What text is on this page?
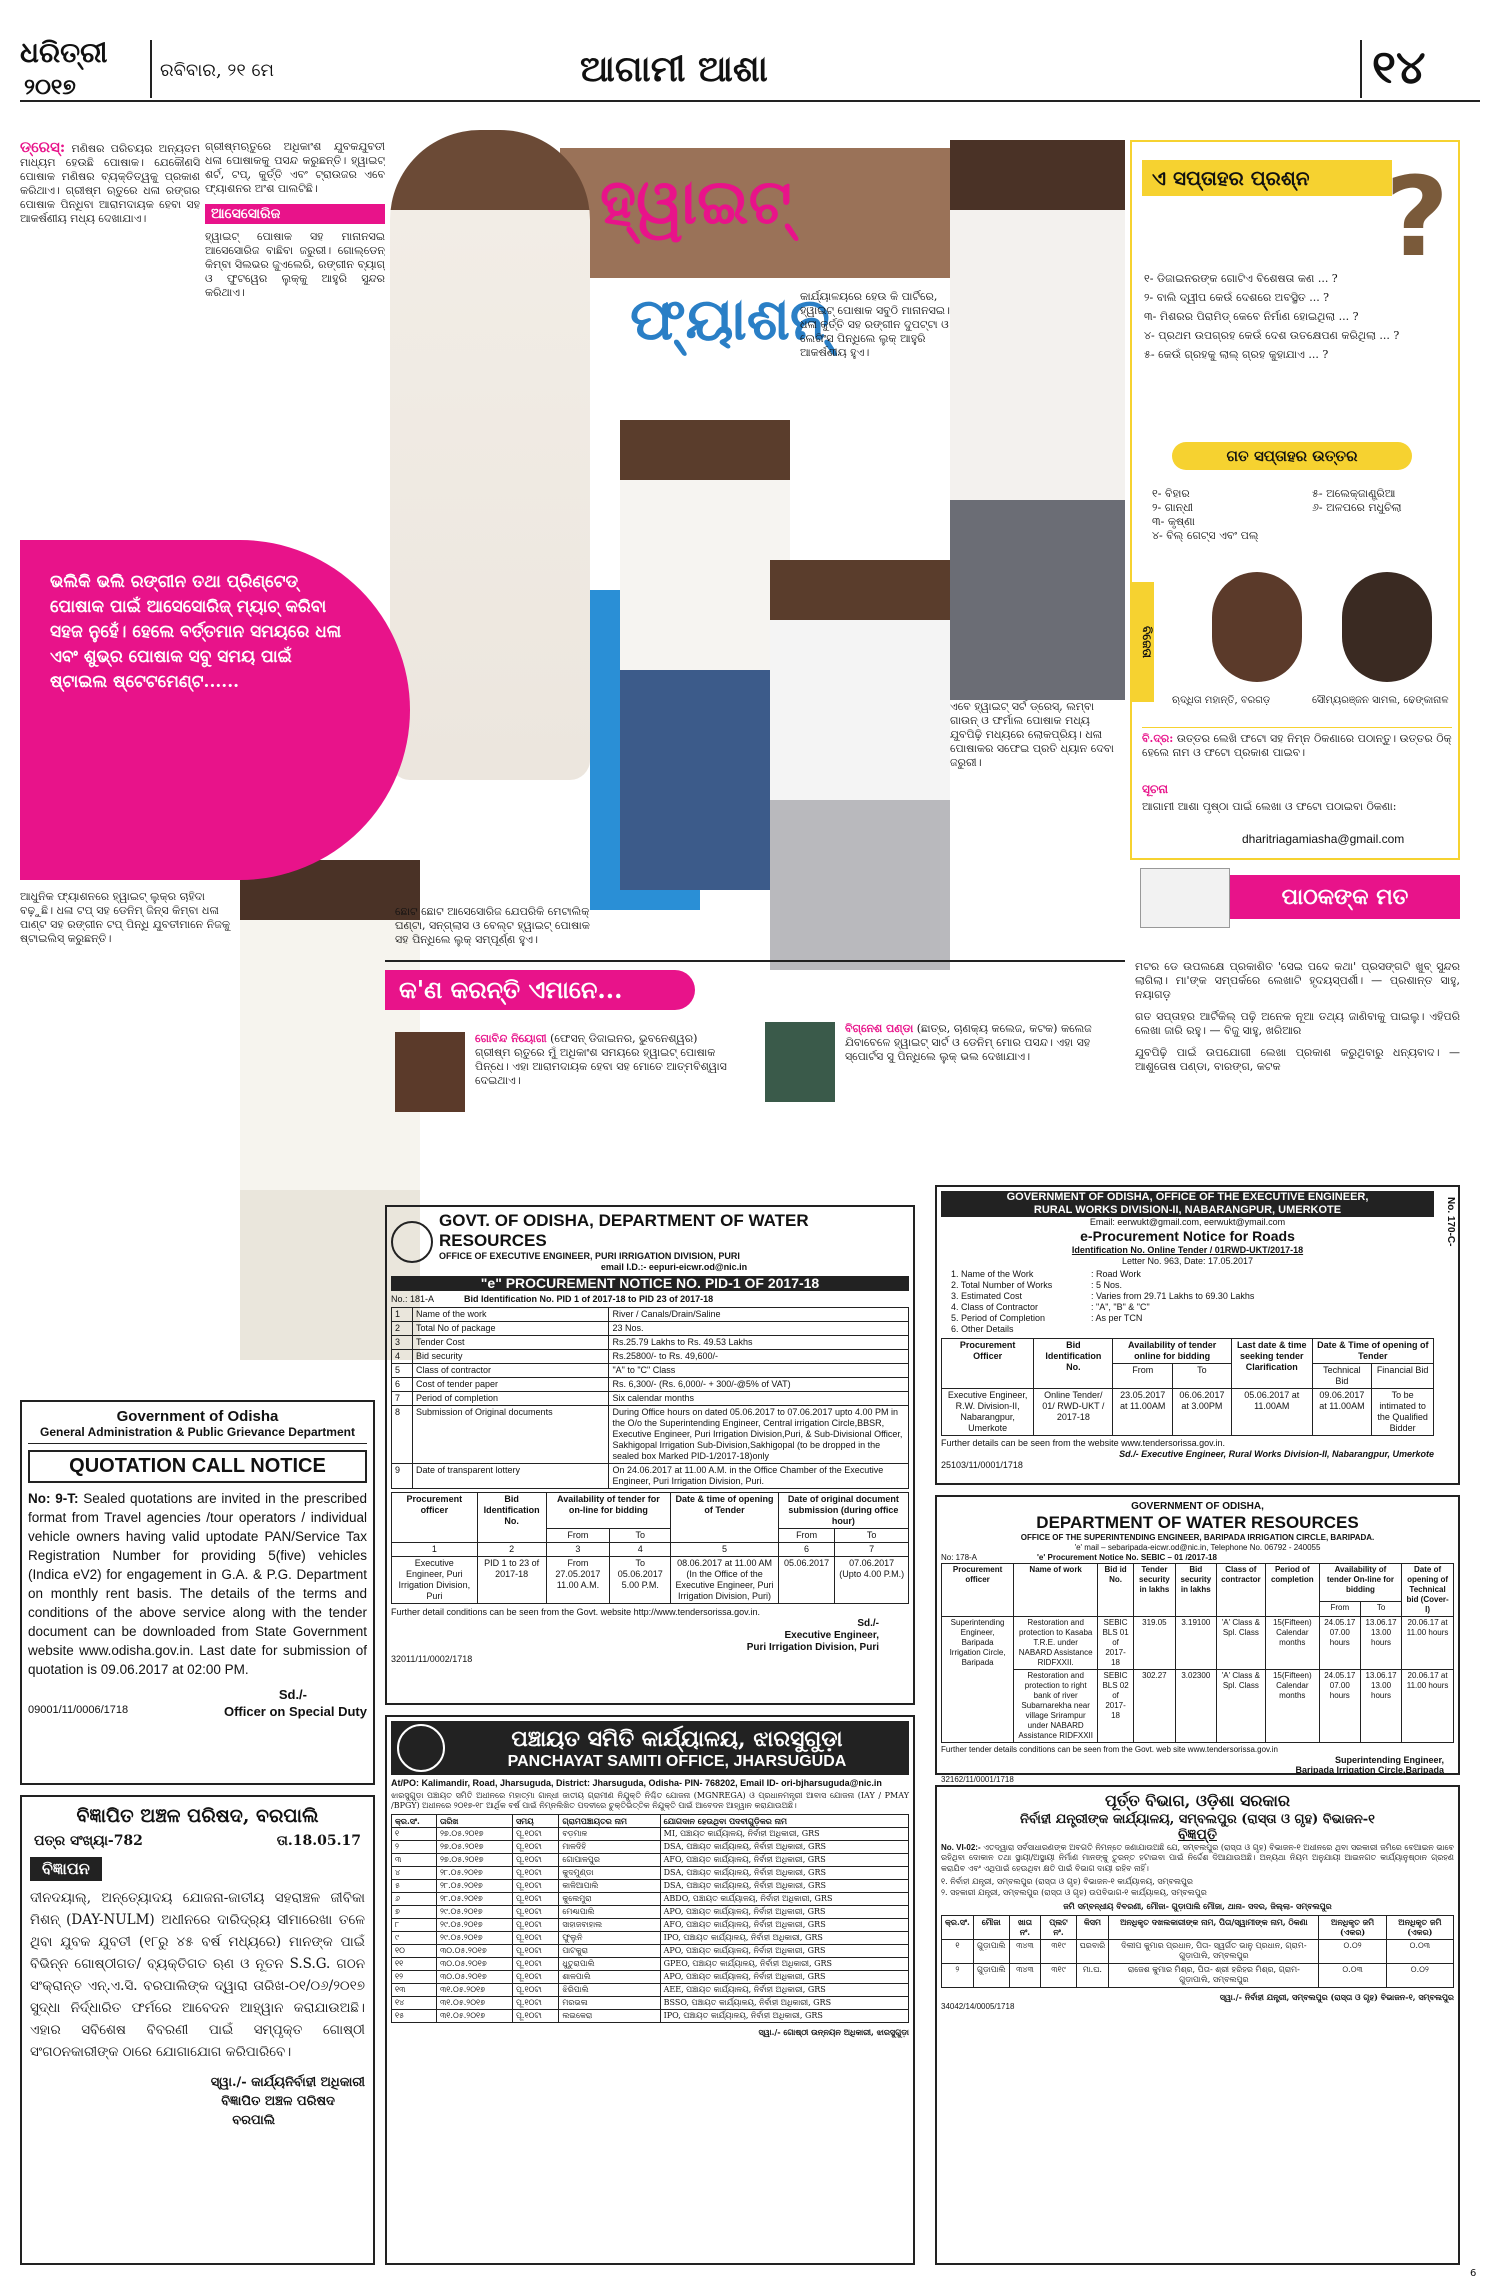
ଧରିତ୍ରୀ
୨୦୧୭
ରବିବାର, ୨୧ ମେ	ଆଗାମୀ ଆଶା	୧୪
ଡ୍ରେସ୍: ମଣିଷର ପରିଚୟର ଅନ୍ୟତମ ମାଧ୍ୟମ ହେଉଛି ପୋଷାକ। ଯେକୌଣସି ପୋଷାକ ମଣିଷର ବ୍ୟକ୍ତିତ୍ୱକୁ ପ୍ରକାଶ କରିଥାଏ। ଗ୍ରୀଷ୍ମ ଋତୁରେ ଧଳା ରଙ୍ଗର ପୋଷାକ ପିନ୍ଧିବା ଆରାମଦାୟକ ହେବା ସହ ଆକର୍ଷଣୀୟ ମଧ୍ୟ ଦେଖାଯାଏ।
ଗ୍ରୀଷ୍ମଋତୁରେ ଅଧିକାଂଶ ଯୁବକଯୁବତୀ ଧଳା ପୋଷାକକୁ ପସନ୍ଦ କରୁଛନ୍ତି। ହ୍ୱାଇଟ୍ ଶର୍ଟ, ଟପ୍, କୁର୍ତ୍ତି ଏବଂ ଟ୍ରାଉଜର ଏବେ ଫ୍ୟାଶନର ଅଂଶ ପାଲଟିଛି।
ଆସେସୋରିଜ
ହ୍ୱାଇଟ୍ ପୋଷାକ ସହ ମାନାନସଇ ଆସେସୋରିଜ ବାଛିବା ଜରୁରୀ। ଗୋଲ୍ଡେନ୍ କିମ୍ବା ସିଲଭର ଜୁଏଲେରି, ରଙ୍ଗୀନ ବ୍ୟାଗ୍ ଓ ଫୁଟୱେର ଲୁକ୍‌କୁ ଆହୁରି ସୁନ୍ଦର କରିଥାଏ।
ହ୍ୱାଇଟ୍
ଫ୍ୟାଶନ୍
କାର୍ଯ୍ୟାଳୟରେ ହେଉ କି ପାର୍ଟିରେ, ହ୍ୱାଇଟ୍ ପୋଷାକ ସବୁଠି ମାନାନସଇ। ଧଳା କୁର୍ତ୍ତି ସହ ରଙ୍ଗୀନ ଦୁପଟ୍ଟା ଓ ଲେଗିଂସ ପିନ୍ଧିଲେ ଲୁକ୍ ଆହୁରି ଆକର୍ଷଣୀୟ ହୁଏ।
ଏବେ ହ୍ୱାଇଟ୍ ସର୍ଟ ଡ୍ରେସ୍, ଲମ୍ବା ଗାଉନ୍ ଓ ଫର୍ମାଲ ପୋଷାକ ମଧ୍ୟ ଯୁବପିଢ଼ି ମଧ୍ୟରେ ଲୋକପ୍ରିୟ। ଧଳା ପୋଷାକର ସଫେଇ ପ୍ରତି ଧ୍ୟାନ ଦେବା ଜରୁରୀ।
ଭଲିକି ଭଲି ରଙ୍ଗୀନ ତଥା ପ୍ରିଣ୍ଟେଡ୍ ପୋଷାକ ପାଇଁ ଆସେସୋରିଜ୍ ମ୍ୟାଚ୍ କରିବା ସହଜ ନୁହେଁ। ହେଲେ ବର୍ତ୍ତମାନ ସମୟରେ ଧଳା ଏବଂ ଶୁଭ୍ର ପୋଷାକ ସବୁ ସମୟ ପାଇଁ ଷ୍ଟାଇଲ ଷ୍ଟେଟମେଣ୍ଟ......
ଆଧୁନିକ ଫ୍ୟାଶନରେ ହ୍ୱାଇଟ୍ ଲୁକ୍‌ର ଚାହିଦା ବଢ଼ୁଛି। ଧଳା ଟପ୍ ସହ ଡେନିମ୍ ଜିନ୍ସ କିମ୍ବା ଧଳା ପାଣ୍ଟ ସହ ରଙ୍ଗୀନ ଟପ୍ ପିନ୍ଧି ଯୁବତୀମାନେ ନିଜକୁ ଷ୍ଟାଇଲିସ୍ କରୁଛନ୍ତି।
ଛୋଟ ଛୋଟ ଆସେସୋରିଜ ଯେପରିକି ମେଟାଲିକ୍ ଘଣ୍ଟା, ସନ୍‌ଗ୍ଲାସ ଓ ବେଲ୍ଟ ହ୍ୱାଇଟ୍ ପୋଷାକ ସହ ପିନ୍ଧିଲେ ଲୁକ୍ ସମ୍ପୂର୍ଣ୍ଣ ହୁଏ।
ଏ ସପ୍ତାହର ପ୍ରଶ୍ନ ?
୧- ଡିଜାଇନରଙ୍କ ଗୋଟିଏ ବିଶେଷତା କଣ ... ?
୨- ବାଲି ଦ୍ୱୀପ କେଉଁ ଦେଶରେ ଅବସ୍ଥିତ ... ?
୩- ମିଶରର ପିରାମିଡ୍ କେବେ ନିର୍ମାଣ ହୋଇଥିଲା ... ?
୪- ପ୍ରଥମ ଉପଗ୍ରହ କେଉଁ ଦେଶ ଉତକ୍ଷେପଣ କରିଥିଲା ... ?
୫- କେଉଁ ଗ୍ରହକୁ ଲାଲ୍ ଗ୍ରହ କୁହାଯାଏ ... ?
ଗତ ସପ୍ତାହର ଉତ୍ତର
୧- ବିହାର
୨- ଗାନ୍ଧୀ
୩- କୃଷ୍ଣା
୪- ବିଲ୍ ଗେଟ୍ସ ଏବଂ ପଲ୍
୫- ଅଲେକ୍‌ଜାଣ୍ଡ୍ରିଆ
୬- ଅଳପରେ ମଧୁଚିଲା
ବିଜେତା
ଋଦ୍ଧିତା ମହାନ୍ତି, ବରଗଡ଼	ସୌମ୍ୟରଞ୍ଜନ ସାମଲ, ଢେଙ୍କାନାଳ
ବି.ଦ୍ର: ଉତ୍ତର ଲେଖି ଫଟୋ ସହ ନିମ୍ନ ଠିକଣାରେ ପଠାନ୍ତୁ। ଉତ୍ତର ଠିକ୍ ହେଲେ ନାମ ଓ ଫଟୋ ପ୍ରକାଶ ପାଇବ।
ସୂଚନା
ଆଗାମୀ ଆଶା ପୃଷ୍ଠା ପାଇଁ ଲେଖା ଓ ଫଟୋ ପଠାଇବା ଠିକଣା:
dharitriagamiasha@gmail.com
ପାଠକଙ୍କ ମତ

ମଟର ଡେ ଉପଲକ୍ଷେ ପ୍ରକାଶିତ 'ସେଇ ପଦେ କଥା' ପ୍ରସଙ୍ଗଟି ଖୁବ୍ ସୁନ୍ଦର ଲାଗିଲା। ମା'ଙ୍କ ସମ୍ପର୍କରେ ଲେଖାଟି ହୃଦୟସ୍ପର୍ଶୀ। — ପ୍ରଶାନ୍ତ ସାହୁ, ନୟାଗଡ଼

ଗତ ସପ୍ତାହର ଆର୍ଟିକିଲ୍ ପଢ଼ି ଅନେକ ନୂଆ ତଥ୍ୟ ଜାଣିବାକୁ ପାଇଲୁ। ଏହିପରି ଲେଖା ଜାରି ରହୁ। — ବିଜୁ ସାହୁ, ଖରିଆର

ଯୁବପିଢ଼ି ପାଇଁ ଉପଯୋଗୀ ଲେଖା ପ୍ରକାଶ କରୁଥିବାରୁ ଧନ୍ୟବାଦ। — ଆଶୁତୋଷ ପଣ୍ଡା, ବାରଙ୍ଗ, କଟକ

କ'ଣ କରନ୍ତି ଏମାନେ...
ଗୋବିନ୍ଦ ନିୟୋଗୀ (ଫେସନ୍ ଡିଜାଇନର, ଭୁବନେଶ୍ୱର) ଗ୍ରୀଷ୍ମ ଋତୁରେ ମୁଁ ଅଧିକାଂଶ ସମୟରେ ହ୍ୱାଇଟ୍ ପୋଷାକ ପିନ୍ଧେ। ଏହା ଆରାମଦାୟକ ହେବା ସହ ମୋତେ ଆତ୍ମବିଶ୍ୱାସ ଦେଇଥାଏ।
ବିଗ୍ନେଶ ପଣ୍ଡା (ଛାତ୍ର, ଚାଣକ୍ୟ କଲେଜ, କଟକ) କଲେଜ ଯିବାବେଳେ ହ୍ୱାଇଟ୍ ସାର୍ଟ ଓ ଡେନିମ୍ ମୋର ପସନ୍ଦ। ଏହା ସହ ସ୍ପୋର୍ଟସ ସୁ ପିନ୍ଧିଲେ ଲୁକ୍ ଭଲ ଦେଖାଯାଏ।
Government of Odisha
General Administration & Public Grievance Department
QUOTATION CALL NOTICE
No: 9-T: Sealed quotations are invited in the prescribed format from Travel agencies /tour operators / individual vehicle owners having valid uptodate PAN/Service Tax Registration Number for providing 5(five) vehicles (Indica eV2) for engagement in G.A. & P.G. Department on monthly rent basis. The details of the terms and conditions of the above service along with the tender document can be downloaded from State Government website www.odisha.gov.in. Last date for submission of quotation is 09.06.2017 at 02:00 PM.
Sd./-
09001/11/0006/1718	Officer on Special Duty
ବିଜ୍ଞାପିତ ଅଞ୍ଚଳ ପରିଷଦ, ବରପାଲି
ପତ୍ର ସଂଖ୍ୟା-782	ତା.18.05.17
ବିଜ୍ଞାପନ
ଦୀନଦୟାଲ୍, ଅନ୍ତ୍ୟୋଦୟ ଯୋଜନା-ଜାତୀୟ ସହରାଞ୍ଚଳ ଜୀବିକା ମିଶନ୍ (DAY-NULM) ଅଧୀନରେ ଦାରିଦ୍ର୍ୟ ସୀମାରେଖା ତଳେ ଥିବା ଯୁବକ ଯୁବତୀ (୧୮ରୁ ୪୫ ବର୍ଷ ମଧ୍ୟରେ) ମାନଙ୍କ ପାଇଁ ବିଭିନ୍ନ ଗୋଷ୍ଠୀଗତ/ ବ୍ୟକ୍ତିଗତ ଋଣ ଓ ନୂତନ S.S.G. ଗଠନ ସଂକ୍ରାନ୍ତ ଏନ୍.ଏ.ସି. ବରପାଲିଙ୍କ ଦ୍ୱାରା ତାରିଖ-୦୧/୦୬/୨୦୧୭ ସୁଦ୍ଧା ନିର୍ଦ୍ଧାରିତ ଫର୍ମରେ ଆବେଦନ ଆହ୍ୱାନ କରାଯାଉଅଛି। ଏହାର ସବିଶେଷ ବିବରଣୀ ପାଇଁ ସମ୍ପୃକ୍ତ ଗୋଷ୍ଠୀ ସଂଗଠନକାରୀଙ୍କ ଠାରେ ଯୋଗାଯୋଗ କରିପାରିବେ।
ସ୍ୱା./- କାର୍ଯ୍ୟନିର୍ବାହୀ ଅଧିକାରୀ
ବିଜ୍ଞାପିତ ଅଞ୍ଚଳ ପରିଷଦ
ବରପାଲି
GOVT. OF ODISHA, DEPARTMENT OF WATER RESOURCES
OFFICE OF EXECUTIVE ENGINEER, PURI IRRIGATION DIVISION, PURI
email I.D.:- eepuri-eicwr.od@nic.in
"e" PROCUREMENT NOTICE NO. PID-1 OF 2017-18
No.: 181-A	Bid Identification No. PID 1 of 2017-18 to PID 23 of 2017-18
1	Name of the work	River / Canals/Drain/Saline
2	Total No of package	23 Nos.
3	Tender Cost	Rs.25.79 Lakhs to Rs. 49.53 Lakhs
4	Bid security	Rs.25800/- to Rs. 49,600/-
5	Class of contractor	"A" to "C" Class
6	Cost of tender paper	Rs. 6,300/- (Rs. 6,000/- + 300/-@5% of VAT)
7	Period of completion	Six calendar months
8	Submission of Original documents	During Office hours on dated 05.06.2017 to 07.06.2017 upto 4.00 PM in the O/o the Superintending Engineer, Central irrigation Circle,BBSR, Executive Engineer, Puri Irrigation Division,Puri, & Sub-Divisional Officer, Sakhigopal Irrigation Sub-Division,Sakhigopal (to be dropped in the sealed box Marked PID-1/2017-18)only
9	Date of transparent lottery	On 24.06.2017 at 11.00 A.M. in the Office Chamber of the Executive Engineer, Puri Irrigation Division, Puri.
Procurement officer	Bid Identification No.	Availability of tender for on-line for bidding		Date & time of opening of Tender	Date of original document submission (during office hour)	
		From	To		From	To
1	2	3	4	5	6	7
Executive Engineer, Puri Irrigation Division, Puri	PID 1 to 23 of 2017-18	From 27.05.2017 11.00 A.M.	To 05.06.2017 5.00 P.M.	08.06.2017 at 11.00 AM (In the Office of the Executive Engineer, Puri Irrigation Division, Puri)	05.06.2017	07.06.2017 (Upto 4.00 P.M.)
Further detail conditions can be seen from the Govt. website http://www.tendersorissa.gov.in.
Sd./-
Executive Engineer,
Puri Irrigation Division, Puri
32011/11/0002/1718
GOVERNMENT OF ODISHA, OFFICE OF THE EXECUTIVE ENGINEER,
RURAL WORKS DIVISION-II, NABARANGPUR, UMERKOTE
Email: eerwukt@gmail.com, eerwukt@ymail.com
e-Procurement Notice for Roads
Identification No. Online Tender / 01RWD-UKT/2017-18
Letter No. 963, Date: 17.05.2017
1. Name of the Work	: Road Work
2. Total Number of Works	: 5 Nos.
3. Estimated Cost	: Varies from 29.71 Lakhs to 69.30 Lakhs
4. Class of Contractor	: "A", "B" & "C"
5. Period of Completion	: As per TCN
6. Other Details
Procurement Officer	Bid Identification No.	Availability of tender online for bidding		Last date & time seeking tender Clarification	Date & Time of opening of Tender	
		From	To		Technical Bid	Financial Bid
Executive Engineer, R.W. Division-II, Nabarangpur, Umerkote	Online Tender/ 01/ RWD-UKT / 2017-18	23.05.2017 at 11.00AM	06.06.2017 at 3.00PM	05.06.2017 at 11.00AM	09.06.2017 at 11.00AM	To be intimated to the Qualified Bidder
Further details can be seen from the website www.tendersorissa.gov.in.
Sd./- Executive Engineer, Rural Works Division-II, Nabarangpur, Umerkote
25103/11/0001/1718
No. 170-C-
GOVERNMENT OF ODISHA,
DEPARTMENT OF WATER RESOURCES
OFFICE OF THE SUPERINTENDING ENGINEER, BARIPADA IRRIGATION CIRCLE, BARIPADA.
'e' mail – sebaripada-eicwr.od@nic.in, Telephone No. 06792 - 240055
No: 178-A	'e' Procurement Notice No. SEBIC – 01 /2017-18
Procurement officer	Name of work	Bid id No.	Tender security in lakhs	Bid security in lakhs	Class of contractor	Period of completion	Availability of tender On-line for bidding		Date of opening of Technical bid (Cover-I)
							From	To	
Superintending Engineer, Baripada Irrigation Circle, Baripada	Restoration and protection to Kasaba T.R.E. under NABARD Assistance RIDFXXII.	SEBIC BLS 01 of 2017-18	319.05	3.19100	'A' Class & Spl. Class	15(Fifteen) Calendar months	24.05.17 07.00 hours	13.06.17 13.00 hours	20.06.17 at 11.00 hours
	Restoration and protection to right bank of river Subarnarekha near village Srirampur under NABARD Assistance RIDFXXII	SEBIC BLS 02 of 2017-18	302.27	3.02300	'A' Class & Spl. Class	15(Fifteen) Calendar months	24.05.17 07.00 hours	13.06.17 13.00 hours	20.06.17 at 11.00 hours
Further tender details conditions can be seen from the Govt. web site www.tendersorissa.gov.in
Superintending Engineer,
Baripada Irrigation Circle,Baripada
32162/11/0001/1718
ପଞ୍ଚାୟତ ସମିତି କାର୍ଯ୍ୟାଳୟ, ଝାରସୁଗୁଡ଼ା
PANCHAYAT SAMITI OFFICE, JHARSUGUDA
At/PO: Kalimandir, Road, Jharsuguda, District: Jharsuguda, Odisha- PIN- 768202, Email ID- ori-bjharsuguda@nic.in
ଝାରସୁଗୁଡ଼ା ପଞ୍ଚାୟତ ସମିତି ଅଧୀନରେ ମହାତ୍ମା ଗାନ୍ଧୀ ଜାତୀୟ ଗ୍ରାମୀଣ ନିଯୁକ୍ତି ନିଶ୍ଚିତ ଯୋଜନା (MGNREGA) ଓ ପ୍ରଧାନମନ୍ତ୍ରୀ ଆବାସ ଯୋଜନା (IAY / PMAY /BPGY) ଅଧୀନରେ ୨୦୧୭-୧୮ ଆର୍ଥିକ ବର୍ଷ ପାଇଁ ନିମ୍ନଲିଖିତ ପଦବୀରେ ଚୁକ୍ତିଭିତ୍ତିକ ନିଯୁକ୍ତି ପାଇଁ ଆବେଦନ ଆହ୍ୱାନ କରାଯାଉଅଛି।
କ୍ର.ସଂ.	ତାରିଖ	ସମୟ	ଗ୍ରାମପଞ୍ଚାୟତର ନାମ	ଯୋଗଦାନ ହେଉଥିବା ପଦବୀଗୁଡ଼ିକର ନାମ
୧	୨୭.୦୫.୨୦୧୭	ପୂ.୧୦ଟା	ବଡ଼ମାଳ	MI, ପଞ୍ଚାୟତ କାର୍ଯ୍ୟାଳୟ, ନିର୍ବାହୀ ଅଧିକାରୀ, GRS
୨	୨୭.୦୫.୨୦୧୭	ପୂ.୧୦ଟା	ମାଳଦିହି	DSA, ପଞ୍ଚାୟତ କାର୍ଯ୍ୟାଳୟ, ନିର୍ବାହୀ ଅଧିକାରୀ, GRS
୩	୨୭.୦୫.୨୦୧୭	ପୂ.୧୦ଟା	ଗୋପାଳପୁର	AFO, ପଞ୍ଚାୟତ କାର୍ଯ୍ୟାଳୟ, ନିର୍ବାହୀ ଅଧିକାରୀ, GRS
୪	୨୮.୦୫.୨୦୧୭	ପୂ.୧୦ଟା	କୁଦମୁଣ୍ଡା	DSA, ପଞ୍ଚାୟତ କାର୍ଯ୍ୟାଳୟ, ନିର୍ବାହୀ ଅଧିକାରୀ, GRS
୫	୨୮.୦୫.୨୦୧୭	ପୂ.୧୦ଟା	କାଳିଆପାଲି	DSA, ପଞ୍ଚାୟତ କାର୍ଯ୍ୟାଳୟ, ନିର୍ବାହୀ ଅଧିକାରୀ, GRS
୬	୨୮.୦୫.୨୦୧୭	ପୂ.୧୦ଟା	କୁଲେମୁରା	ABDO, ପଞ୍ଚାୟତ କାର୍ଯ୍ୟାଳୟ, ନିର୍ବାହୀ ଅଧିକାରୀ, GRS
୭	୨୯.୦୫.୨୦୧୭	ପୂ.୧୦ଟା	ମେଣ୍ଢାପାଲି	APO, ପଞ୍ଚାୟତ କାର୍ଯ୍ୟାଳୟ, ନିର୍ବାହୀ ଅଧିକାରୀ, GRS
୮	୨୯.୦୫.୨୦୧୭	ପୂ.୧୦ଟା	ସାହାଜବାହାଲ	AFO, ପଞ୍ଚାୟତ କାର୍ଯ୍ୟାଳୟ, ନିର୍ବାହୀ ଅଧିକାରୀ, GRS
୯	୨୯.୦୫.୨୦୧୭	ପୂ.୧୦ଟା	ଫୁଲୁନି	IPO, ପଞ୍ଚାୟତ କାର୍ଯ୍ୟାଳୟ, ନିର୍ବାହୀ ଅଧିକାରୀ, GRS
୧୦	୩୦.୦୫.୨୦୧୭	ପୂ.୧୦ଟା	ପାଟକୁରା	APO, ପଞ୍ଚାୟତ କାର୍ଯ୍ୟାଳୟ, ନିର୍ବାହୀ ଅଧିକାରୀ, GRS
୧୧	୩୦.୦୫.୨୦୧୭	ପୂ.୧୦ଟା	ଧୁତୁରାପାଲି	GPEO, ପଞ୍ଚାୟତ କାର୍ଯ୍ୟାଳୟ, ନିର୍ବାହୀ ଅଧିକାରୀ, GRS
୧୨	୩୦.୦୫.୨୦୧୭	ପୂ.୧୦ଟା	ଶାଳପାଲି	APO, ପଞ୍ଚାୟତ କାର୍ଯ୍ୟାଳୟ, ନିର୍ବାହୀ ଅଧିକାରୀ, GRS
୧୩	୩୧.୦୫.୨୦୧୭	ପୂ.୧୦ଟା	ଝିରିପାଲି	AEE, ପଞ୍ଚାୟତ କାର୍ଯ୍ୟାଳୟ, ନିର୍ବାହୀ ଅଧିକାରୀ, GRS
୧୪	୩୧.୦୫.୨୦୧୭	ପୂ.୧୦ଟା	ମରଭଳା	BSSO, ପଞ୍ଚାୟତ କାର୍ଯ୍ୟାଳୟ, ନିର୍ବାହୀ ଅଧିକାରୀ, GRS
୧୫	୩୧.୦୫.୨୦୧୭	ପୂ.୧୦ଟା	ଲଇକେରା	IPO, ପଞ୍ଚାୟତ କାର୍ଯ୍ୟାଳୟ, ନିର୍ବାହୀ ଅଧିକାରୀ, GRS
ସ୍ୱା./- ଗୋଷ୍ଠୀ ଉନ୍ନୟନ ଅଧିକାରୀ, ଝାରସୁଗୁଡ଼ା
ପୂର୍ତ୍ତ ବିଭାଗ, ଓଡ଼ିଶା ସରକାର
ନିର୍ବାହୀ ଯନ୍ତ୍ରୀଙ୍କ କାର୍ଯ୍ୟାଳୟ, ସମ୍ବଲପୁର (ରାସ୍ତା ଓ ଗୃହ) ବିଭାଜନ-୧
ବିଜ୍ଞପ୍ତି
No. VI-02:- ଏତଦ୍ୱାରା ସର୍ବସାଧାରଣଙ୍କ ଅବଗତି ନିମନ୍ତେ ଜଣାଯାଉଅଛି ଯେ, ସମ୍ବଲପୁର (ରାସ୍ତା ଓ ଗୃହ) ବିଭାଜନ-୧ ଅଧୀନରେ ଥିବା ସରକାରୀ ଜମିରେ ବେଆଇନ ଭାବେ ରହିଥିବା ଦୋକାନ ତଥା ସ୍ଥାୟୀ/ଅସ୍ଥାୟୀ ନିର୍ମାଣ ମାନଙ୍କୁ ତୁରନ୍ତ ହଟାଇବା ପାଇଁ ନିର୍ଦ୍ଦେଶ ଦିଆଯାଉଅଛି। ଅନ୍ୟଥା ନିୟମ ଅନୁଯାୟୀ ଆଇନଗତ କାର୍ଯ୍ୟାନୁଷ୍ଠାନ ଗ୍ରହଣ କରାଯିବ ଏବଂ ଏଥିପାଇଁ ହେଉଥିବା କ୍ଷତି ପାଇଁ ବିଭାଗ ଦାୟୀ ରହିବ ନାହିଁ।
୧. ନିର୍ବାହୀ ଯନ୍ତ୍ରୀ, ସମ୍ବଲପୁର (ରାସ୍ତା ଓ ଗୃହ) ବିଭାଜନ-୧ କାର୍ଯ୍ୟାଳୟ, ସମ୍ବଲପୁର
୨. ସହକାରୀ ଯନ୍ତ୍ରୀ, ସମ୍ବଲପୁର (ରାସ୍ତା ଓ ଗୃହ) ଉପବିଭାଗ-୧ କାର୍ଯ୍ୟାଳୟ, ସମ୍ବଲପୁର
ଜମି ସମ୍ବନ୍ଧୀୟ ବିବରଣୀ, ମୌଜା- ଗୁଡ଼ାପାଲି ମୌଜା, ଥାନା- ସଦର, ଜିଲ୍ଲା- ସମ୍ବଲପୁର
କ୍ର.ସଂ.	ମୌଜା	ଖାତା ନଂ.	ପ୍ଲଟ ନଂ.	କିସମ	ଅନଧିକୃତ ଦଖଲକାରୀଙ୍କ ନାମ, ପିତା/ସ୍ୱାମୀଙ୍କ ନାମ, ଠିକଣା	ଅନଧିକୃତ ଜମି (ଏକର)	ଅନଧିକୃତ ଜମି (ଏକର)
୧	ଗୁଡ଼ାପାଲି	୩୪୩	୩୧୯	ଘରବାରି	ଦିଲୀପ କୁମାର ପ୍ରଧାନ, ପିତା- ସ୍ୱର୍ଗତ ଭାନୁ ପ୍ରଧାନ, ଗ୍ରାମ- ଗୁଡ଼ାପାଲି, ସମ୍ବଲପୁର	୦.୦୨	୦.୦୩
୨	ଗୁଡ଼ାପାଲି	୩୪୩	୩୧୯	ମା.ଘ.	ରାଜେଶ କୁମାର ମିଶ୍ର, ପିତା- ଶ୍ରୀ ହରିହର ମିଶ୍ର, ଗ୍ରାମ- ଗୁଡ଼ାପାଲି, ସମ୍ବଲପୁର	୦.୦୩	୦.୦୨
ସ୍ୱା./- ନିର୍ବାହୀ ଯନ୍ତ୍ରୀ, ସମ୍ବଲପୁର (ରାସ୍ତା ଓ ଗୃହ) ବିଭାଜନ-୧, ସମ୍ବଲପୁର
34042/14/0005/1718
6
